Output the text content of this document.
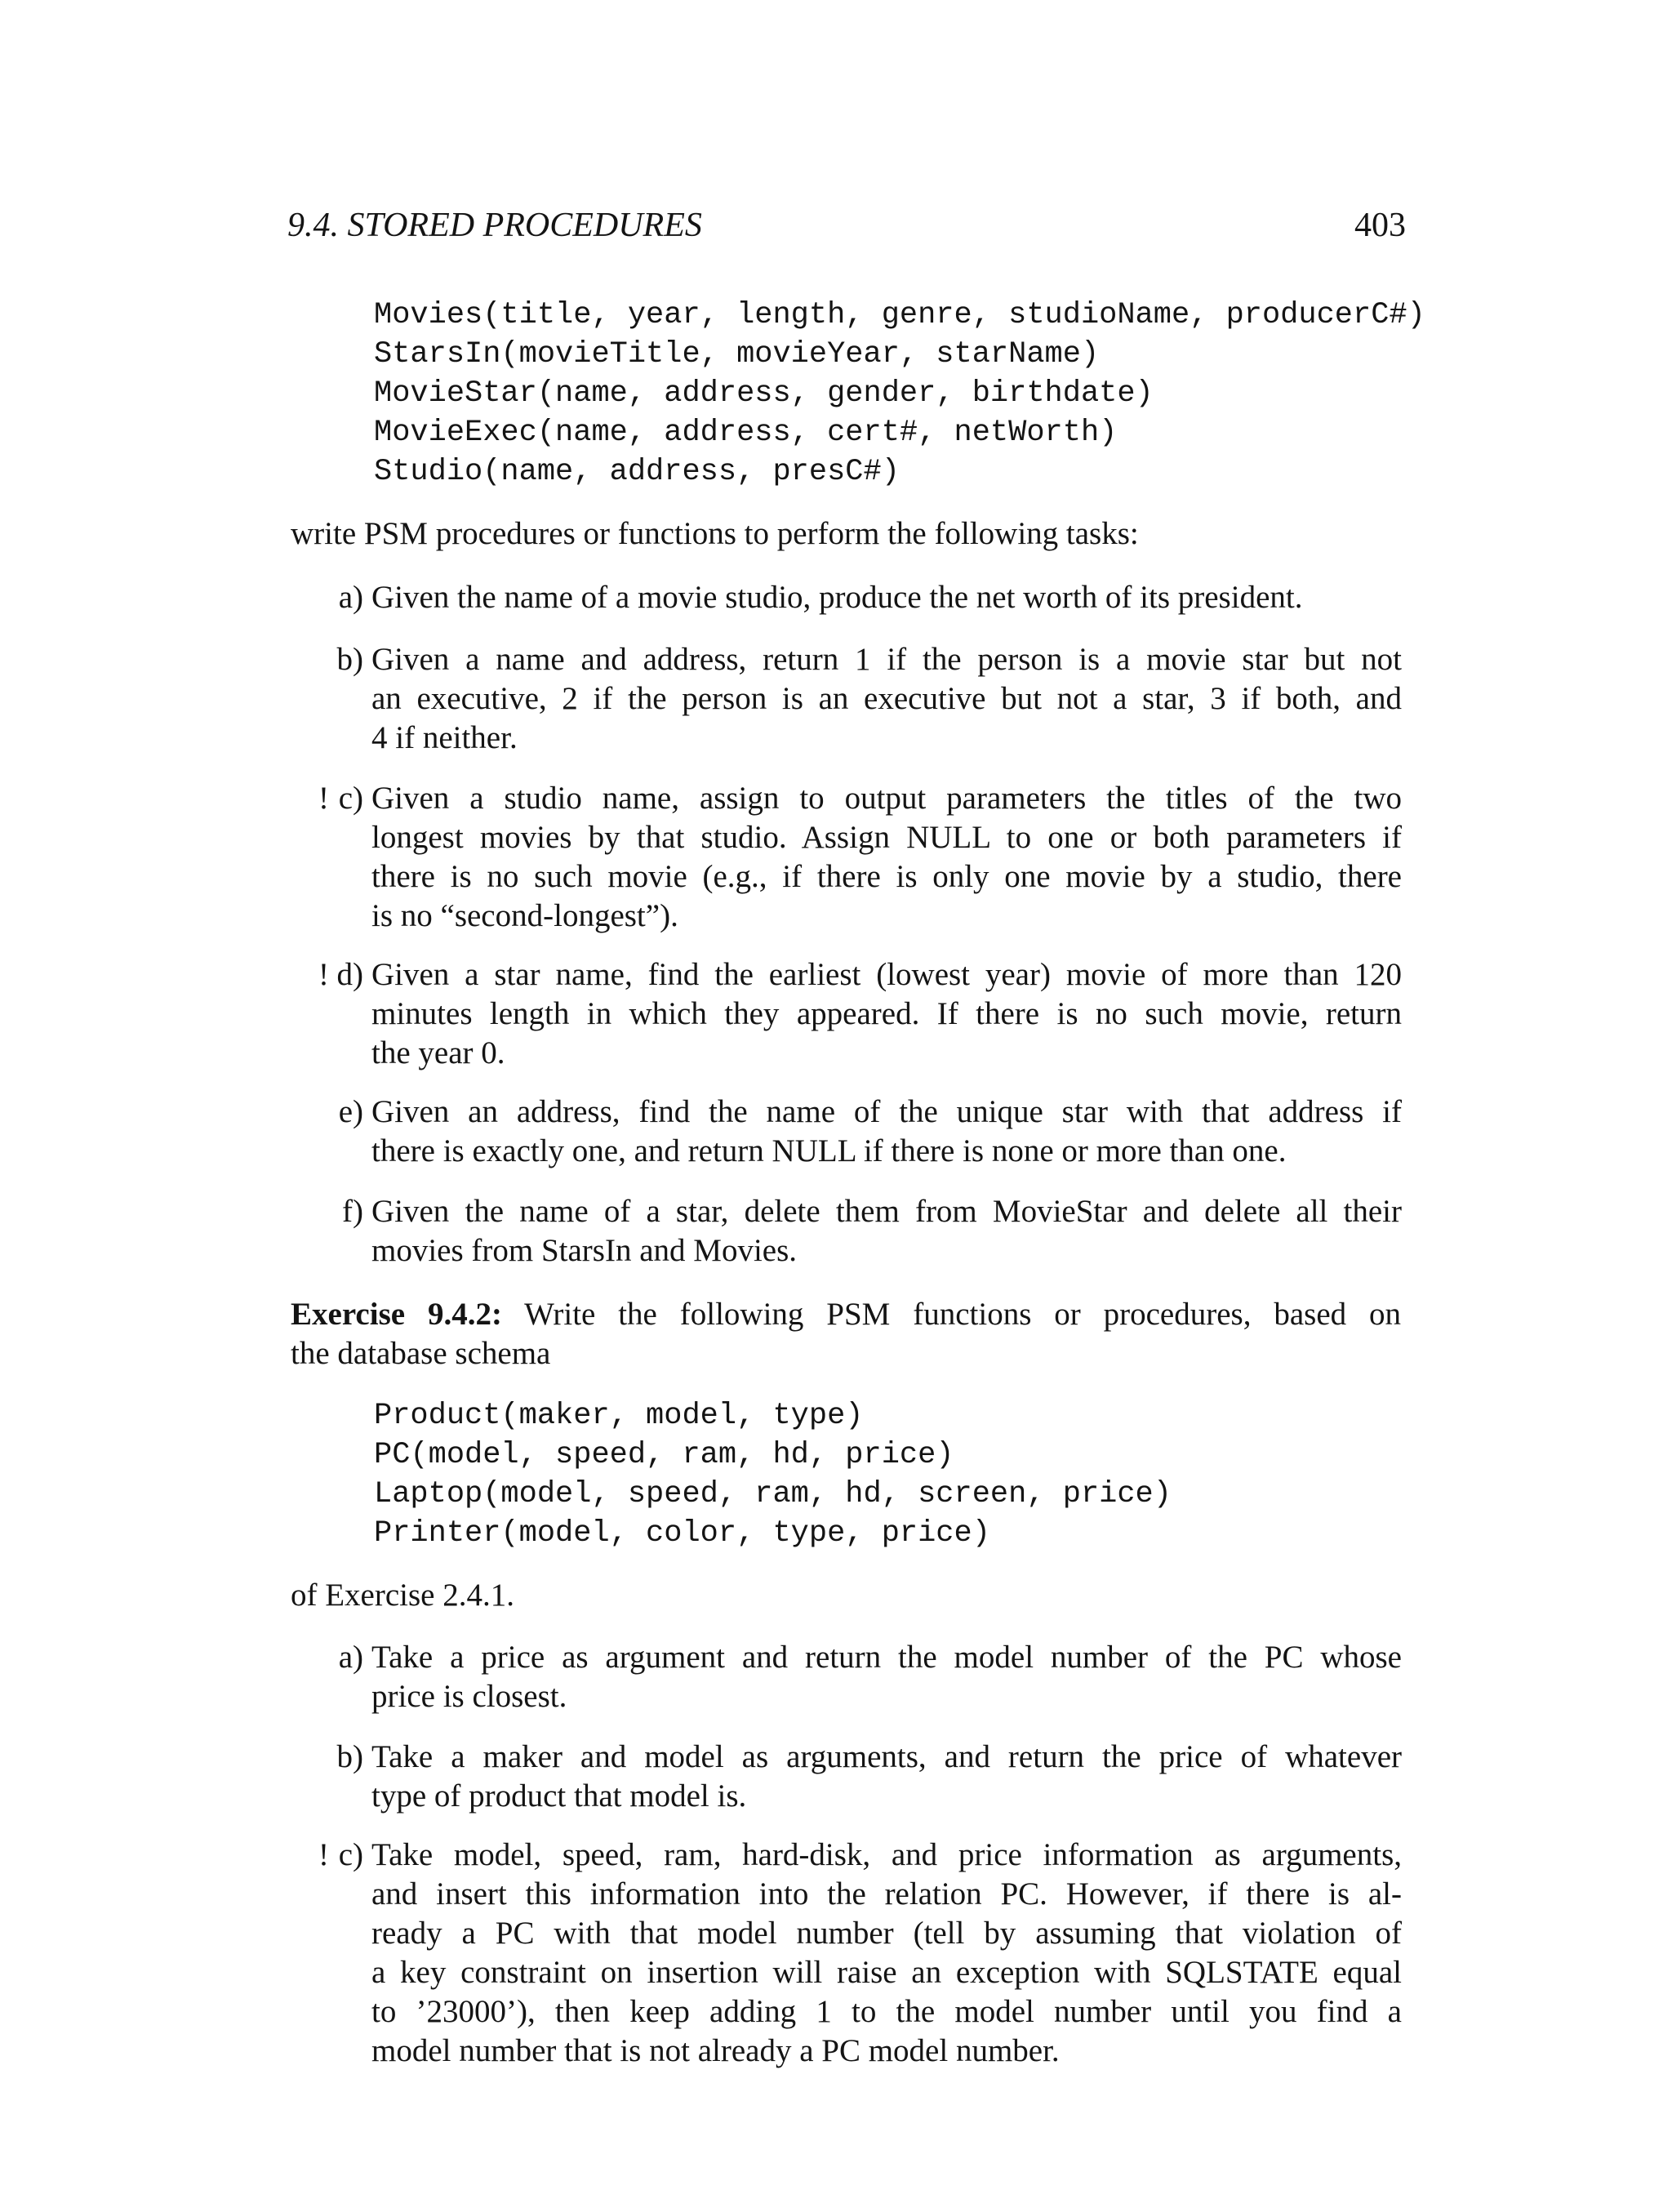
9.4. STORED PROCEDURES	403
Movies(title, year, length, genre, studioName, producerC#)
StarsIn(movieTitle, movieYear, starName)
MovieStar(name, address, gender, birthdate)
MovieExec(name, address, cert#, netWorth)
Studio(name, address, presC#)
write PSM procedures or functions to perform the following tasks:
a) Given the name of a movie studio, produce the net worth of its president.
b) Given a name and address, return 1 if the person is a movie star but not
an executive, 2 if the person is an executive but not a star, 3 if both, and
4 if neither.
! c) Given a studio name, assign to output parameters the titles of the two
longest movies by that studio. Assign NULL to one or both parameters if
there is no such movie (e.g., if there is only one movie by a studio, there
is no “second-longest”).
! d) Given a star name, find the earliest (lowest year) movie of more than 120
minutes length in which they appeared. If there is no such movie, return
the year 0.
e) Given an address, find the name of the unique star with that address if
there is exactly one, and return NULL if there is none or more than one.
f) Given the name of a star, delete them from MovieStar and delete all their
movies from StarsIn and Movies.
Exercise 9.4.2: Write the following PSM functions or procedures, based on
the database schema
Product(maker, model, type)
PC(model, speed, ram, hd, price)
Laptop(model, speed, ram, hd, screen, price)
Printer(model, color, type, price)
of Exercise 2.4.1.
a) Take a price as argument and return the model number of the PC whose
price is closest.
b) Take a maker and model as arguments, and return the price of whatever
type of product that model is.
! c) Take model, speed, ram, hard-disk, and price information as arguments,
and insert this information into the relation PC. However, if there is al-
ready a PC with that model number (tell by assuming that violation of
a key constraint on insertion will raise an exception with SQLSTATE equal
to ’23000’), then keep adding 1 to the model number until you find a
model number that is not already a PC model number.
